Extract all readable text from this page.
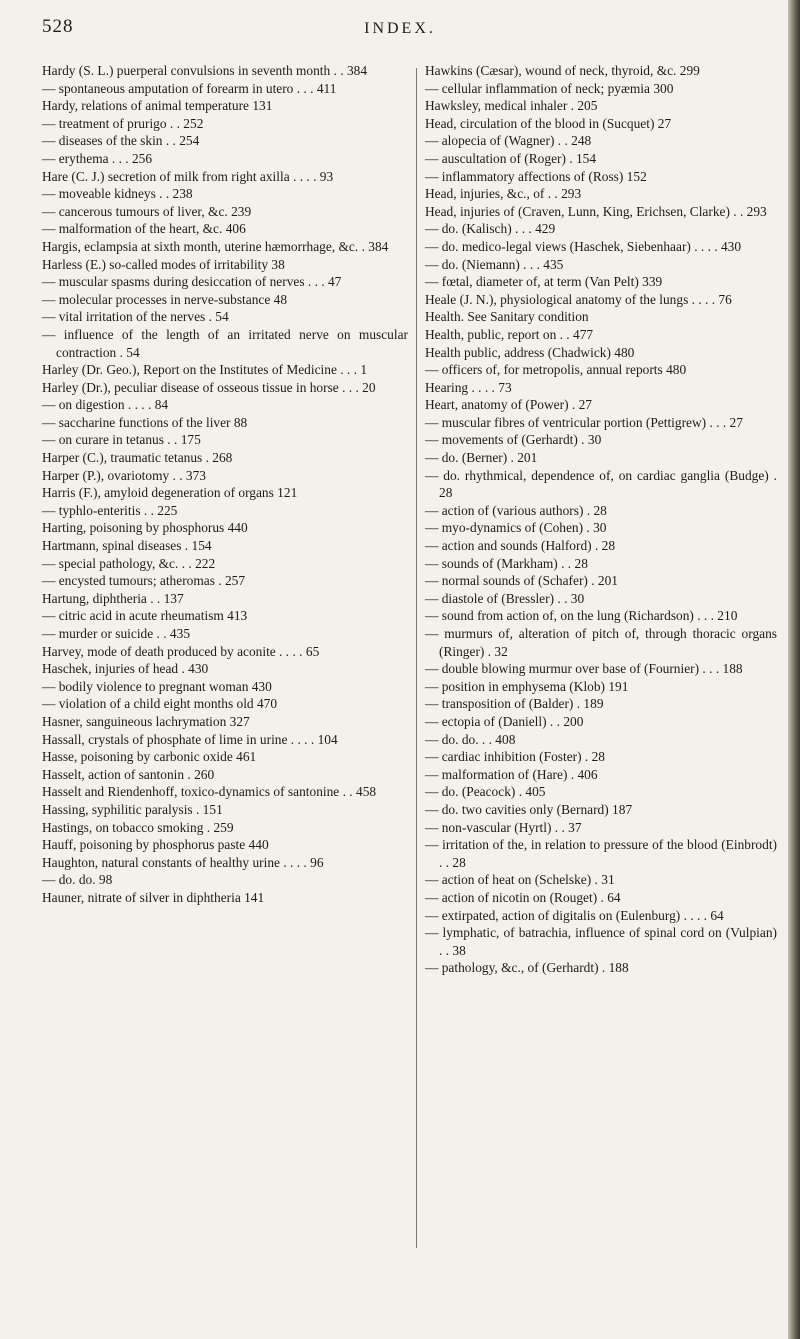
528	INDEX.

Hardy (S. L.) puerperal convulsions in seventh month . . 384

— spontaneous amputation of forearm in utero . . . 411

Hardy, relations of animal temperature 131

— treatment of prurigo . . 252

— diseases of the skin . . 254

— erythema . . . 256

Hare (C. J.) secretion of milk from right axilla . . . . 93

— moveable kidneys . . 238

— cancerous tumours of liver, &c. 239

— malformation of the heart, &c. 406

Hargis, eclampsia at sixth month, uterine hæmorrhage, &c. . 384

Harless (E.) so-called modes of irritability 38

— muscular spasms during desiccation of nerves . . . 47

— molecular processes in nerve-substance 48

— vital irritation of the nerves . 54

— influence of the length of an irritated nerve on muscular contraction . 54

Harley (Dr. Geo.), Report on the Institutes of Medicine . . . 1

Harley (Dr.), peculiar disease of osseous tissue in horse . . . 20

— on digestion . . . . 84

— saccharine functions of the liver 88

— on curare in tetanus . . 175

Harper (C.), traumatic tetanus . 268

Harper (P.), ovariotomy . . 373

Harris (F.), amyloid degeneration of organs 121

— typhlo-enteritis . . 225

Harting, poisoning by phosphorus 440

Hartmann, spinal diseases . 154

— special pathology, &c. . . 222

— encysted tumours; atheromas . 257

Hartung, diphtheria . . 137

— citric acid in acute rheumatism 413

— murder or suicide . . 435

Harvey, mode of death produced by aconite . . . . 65

Haschek, injuries of head . 430

— bodily violence to pregnant woman 430

— violation of a child eight months old 470

Hasner, sanguineous lachrymation 327

Hassall, crystals of phosphate of lime in urine . . . . 104

Hasse, poisoning by carbonic oxide 461

Hasselt, action of santonin . 260

Hasselt and Riendenhoff, toxico-dynamics of santonine . . 458

Hassing, syphilitic paralysis . 151

Hastings, on tobacco smoking . 259

Hauff, poisoning by phosphorus paste 440

Haughton, natural constants of healthy urine . . . . 96

— do. do. 98

Hauner, nitrate of silver in diphtheria 141

Hawkins (Cæsar), wound of neck, thyroid, &c. 299

— cellular inflammation of neck; pyæmia 300

Hawksley, medical inhaler . 205

Head, circulation of the blood in (Sucquet) 27

— alopecia of (Wagner) . . 248

— auscultation of (Roger) . 154

— inflammatory affections of (Ross) 152

Head, injuries, &c., of . . 293

Head, injuries of (Craven, Lunn, King, Erichsen, Clarke) . . 293

— do. (Kalisch) . . . 429

— do. medico-legal views (Haschek, Siebenhaar) . . . . 430

— do. (Niemann) . . . 435

— fœtal, diameter of, at term (Van Pelt) 339

Heale (J. N.), physiological anatomy of the lungs . . . . 76

Health. See Sanitary condition

Health, public, report on . . 477

Health public, address (Chadwick) 480

— officers of, for metropolis, annual reports 480

Hearing . . . . 73

Heart, anatomy of (Power) . 27

— muscular fibres of ventricular portion (Pettigrew) . . . 27

— movements of (Gerhardt) . 30

— do. (Berner) . 201

— do. rhythmical, dependence of, on cardiac ganglia (Budge) . 28

— action of (various authors) . 28

— myo-dynamics of (Cohen) . 30

— action and sounds (Halford) . 28

— sounds of (Markham) . . 28

— normal sounds of (Schafer) . 201

— diastole of (Bressler) . . 30

— sound from action of, on the lung (Richardson) . . . 210

— murmurs of, alteration of pitch of, through thoracic organs (Ringer) . 32

— double blowing murmur over base of (Fournier) . . . 188

— position in emphysema (Klob) 191

— transposition of (Balder) . 189

— ectopia of (Daniell) . . 200

— do. do. . . 408

— cardiac inhibition (Foster) . 28

— malformation of (Hare) . 406

— do. (Peacock) . 405

— do. two cavities only (Bernard) 187

— non-vascular (Hyrtl) . . 37

— irritation of the, in relation to pressure of the blood (Einbrodt) . . 28

— action of heat on (Schelske) . 31

— action of nicotin on (Rouget) . 64

— extirpated, action of digitalis on (Eulenburg) . . . . 64

— lymphatic, of batrachia, influence of spinal cord on (Vulpian) . . 38

— pathology, &c., of (Gerhardt) . 188
